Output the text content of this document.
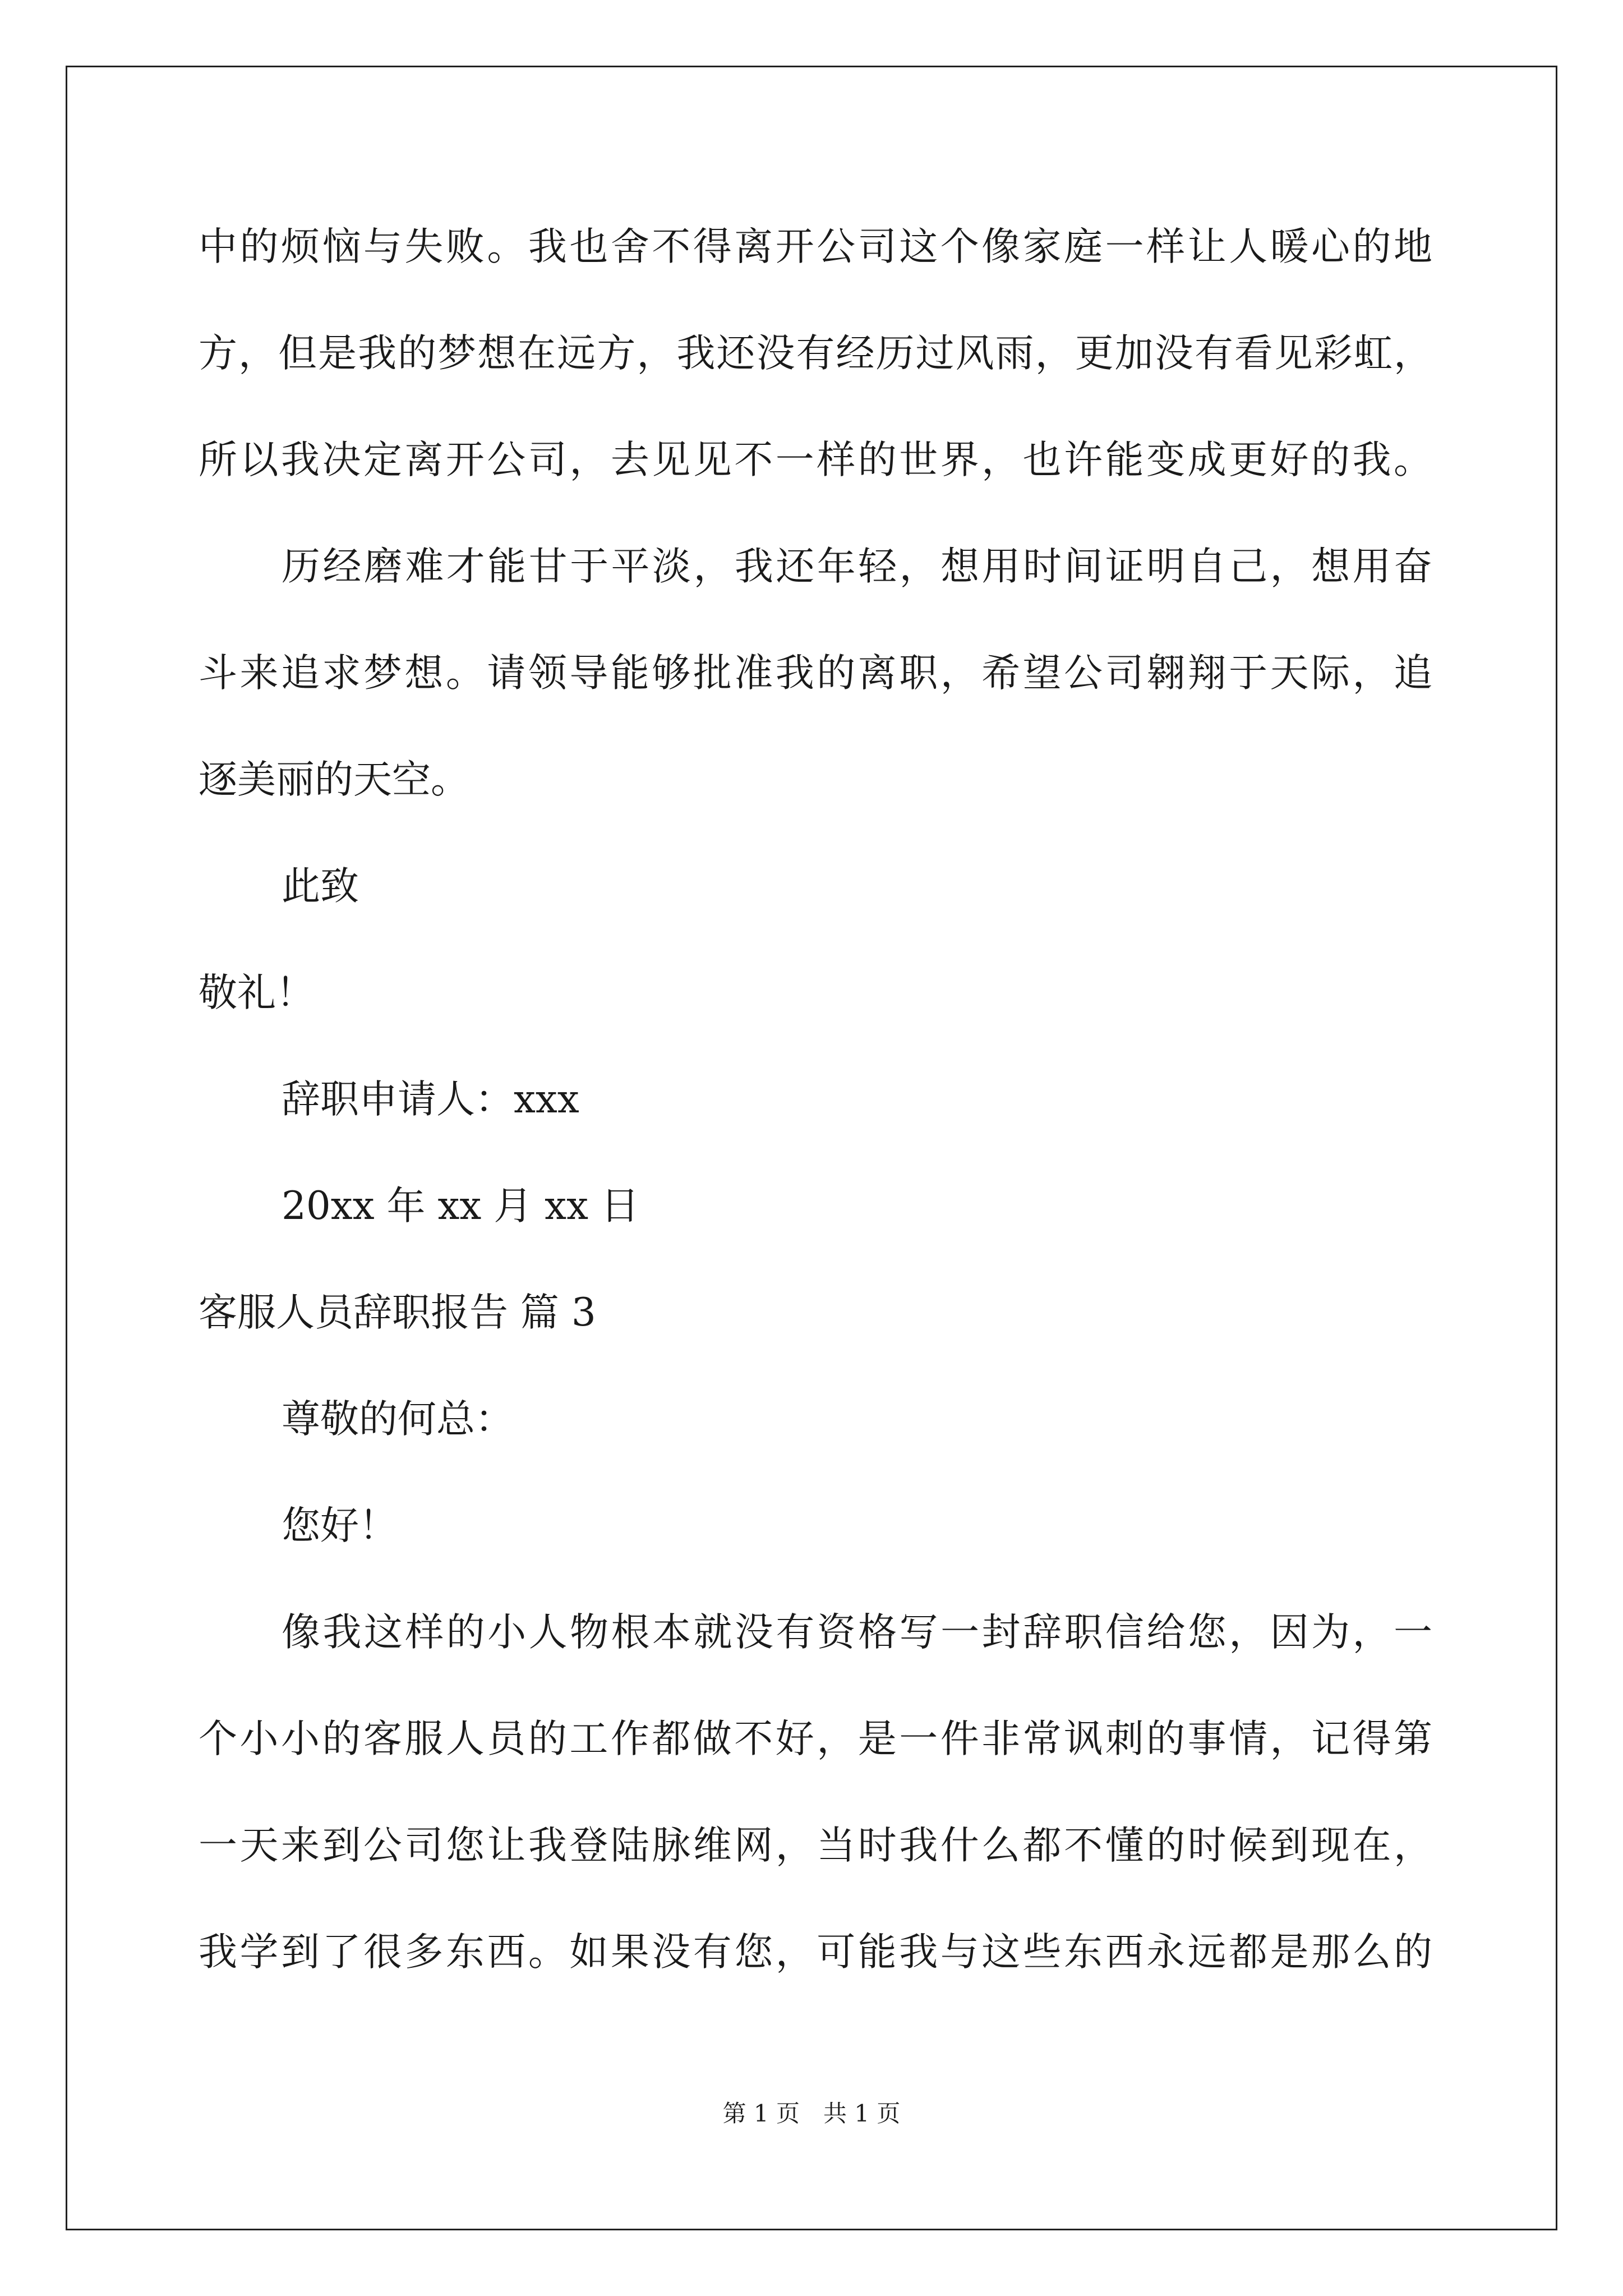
中的烦恼与失败。我也舍不得离开公司这个像家庭一样让人暖心的地
方，但是我的梦想在远方，我还没有经历过风雨，更加没有看见彩虹，
所以我决定离开公司，去见见不一样的世界，也许能变成更好的我。
历经磨难才能甘于平淡，我还年轻，想用时间证明自己，想用奋
斗来追求梦想。请领导能够批准我的离职，希望公司翱翔于天际，追
逐美丽的天空。
此致
敬礼！
辞职申请人：xxx
20xx 年 xx 月 xx 日
客服人员辞职报告 篇 3
尊敬的何总：
您好！
像我这样的小人物根本就没有资格写一封辞职信给您，因为，一
个小小的客服人员的工作都做不好，是一件非常讽刺的事情，记得第
一天来到公司您让我登陆脉维网，当时我什么都不懂的时候到现在，
我学到了很多东西。如果没有您，可能我与这些东西永远都是那么的
第 1 页　共 1 页
